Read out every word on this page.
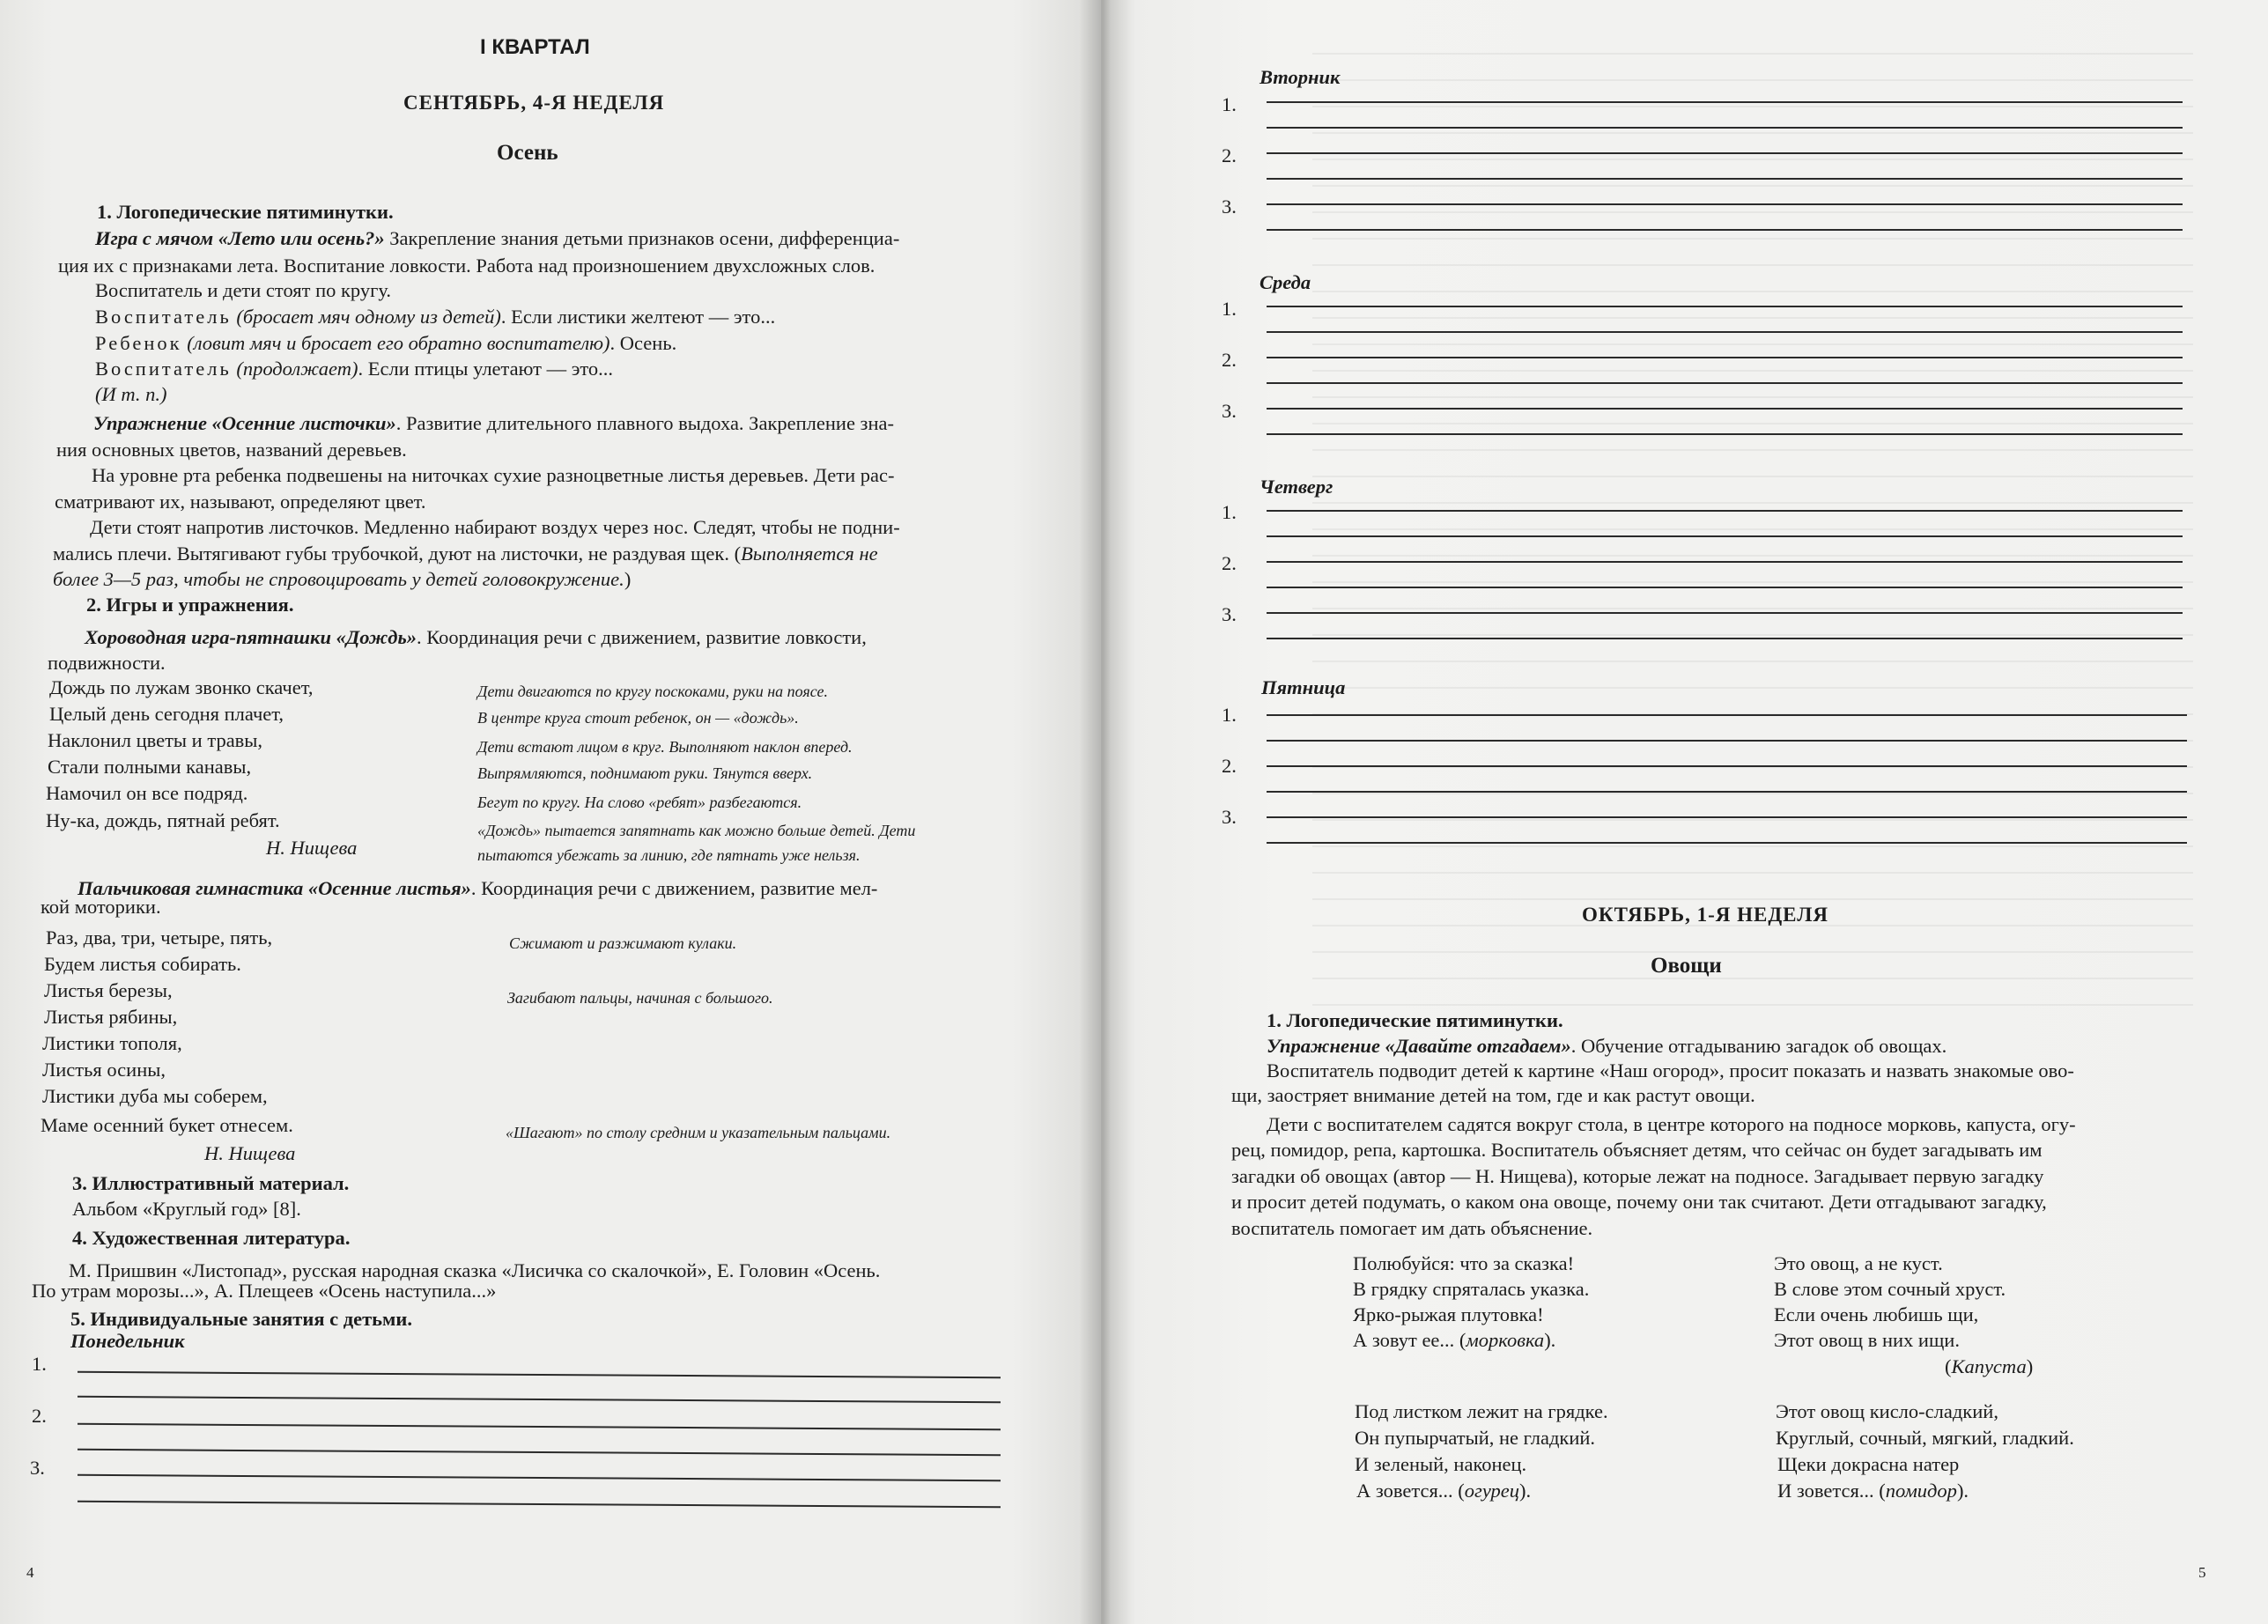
I КВАРТАЛ
СЕНТЯБРЬ, 4-Я НЕДЕЛЯ
Осень
1. Логопедические пятиминутки.
Игра с мячом «Лето или осень?» Закрепление знания детьми признаков осени, дифференциа-
ция их с признаками лета. Воспитание ловкости. Работа над произношением двухсложных слов.
Воспитатель и дети стоят по кругу.
Воспитатель (бросает мяч одному из детей). Если листики желтеют — это...
Ребенок (ловит мяч и бросает его обратно воспитателю). Осень.
Воспитатель (продолжает). Если птицы улетают — это...
(И т. п.)
Упражнение «Осенние листочки». Развитие длительного плавного выдоха. Закрепление зна-
ния основных цветов, названий деревьев.
На уровне рта ребенка подвешены на ниточках сухие разноцветные листья деревьев. Дети рас-
сматривают их, называют, определяют цвет.
Дети стоят напротив листочков. Медленно набирают воздух через нос. Следят, чтобы не подни-
мались плечи. Вытягивают губы трубочкой, дуют на листочки, не раздувая щек. (Выполняется не
более 3—5 раз, чтобы не спровоцировать у детей головокружение.)
2. Игры и упражнения.
Хороводная игра-пятнашки «Дождь». Координация речи с движением, развитие ловкости,
подвижности.
Дождь по лужам звонко скачет,
Целый день сегодня плачет,
Наклонил цветы и травы,
Стали полными канавы,
Намочил он все подряд.
Ну-ка, дождь, пятнай ребят.
Н. Нищева
Дети двигаются по кругу поскоками, руки на поясе.
В центре круга стоит ребенок, он — «дождь».
Дети встают лицом в круг. Выполняют наклон вперед.
Выпрямляются, поднимают руки. Тянутся вверх.
Бегут по кругу. На слово «ребят» разбегаются.
«Дождь» пытается запятнать как можно больше детей. Дети
пытаются убежать за линию, где пятнать уже нельзя.
Пальчиковая гимнастика «Осенние листья». Координация речи с движением, развитие мел-
кой моторики.
Раз, два, три, четыре, пять,
Будем листья собирать.
Листья березы,
Листья рябины,
Листики тополя,
Листья осины,
Листики дуба мы соберем,
Маме осенний букет отнесем.
Н. Нищева
Сжимают и разжимают кулаки.
Загибают пальцы, начиная с большого.
«Шагают» по столу средним и указательным пальцами.
3. Иллюстративный материал.
Альбом «Круглый год» [8].
4. Художественная литература.
М. Пришвин «Листопад», русская народная сказка «Лисичка со скалочкой», Е. Головин «Осень.
По утрам морозы...», А. Плещеев «Осень наступила...»
5. Индивидуальные занятия с детьми.
Понедельник
1.
2.
3.
4
Вторник
1.
2.
3.
Среда
1.
2.
3.
Четверг
1.
2.
3.
Пятница
1.
2.
3.
ОКТЯБРЬ, 1-Я НЕДЕЛЯ
Овощи
1. Логопедические пятиминутки.
Упражнение «Давайте отгадаем». Обучение отгадыванию загадок об овощах.
Воспитатель подводит детей к картине «Наш огород», просит показать и назвать знакомые ово-
щи, заостряет внимание детей на том, где и как растут овощи.
Дети с воспитателем садятся вокруг стола, в центре которого на подносе морковь, капуста, огу-
рец, помидор, репа, картошка. Воспитатель объясняет детям, что сейчас он будет загадывать им
загадки об овощах (автор — Н. Нищева), которые лежат на подносе. Загадывает первую загадку
и просит детей подумать, о каком она овоще, почему они так считают. Дети отгадывают загадку,
воспитатель помогает им дать объяснение.
Полюбуйся: что за сказка!
В грядку спряталась указка.
Ярко-рыжая плутовка!
А зовут ее... (морковка).
Это овощ, а не куст.
В слове этом сочный хруст.
Если очень любишь щи,
Этот овощ в них ищи.
(Капуста)
Под листком лежит на грядке.
Он пупырчатый, не гладкий.
И зеленый, наконец.
А зовется... (огурец).
Этот овощ кисло-сладкий,
Круглый, сочный, мягкий, гладкий.
Щеки докрасна натер
И зовется... (помидор).
5
